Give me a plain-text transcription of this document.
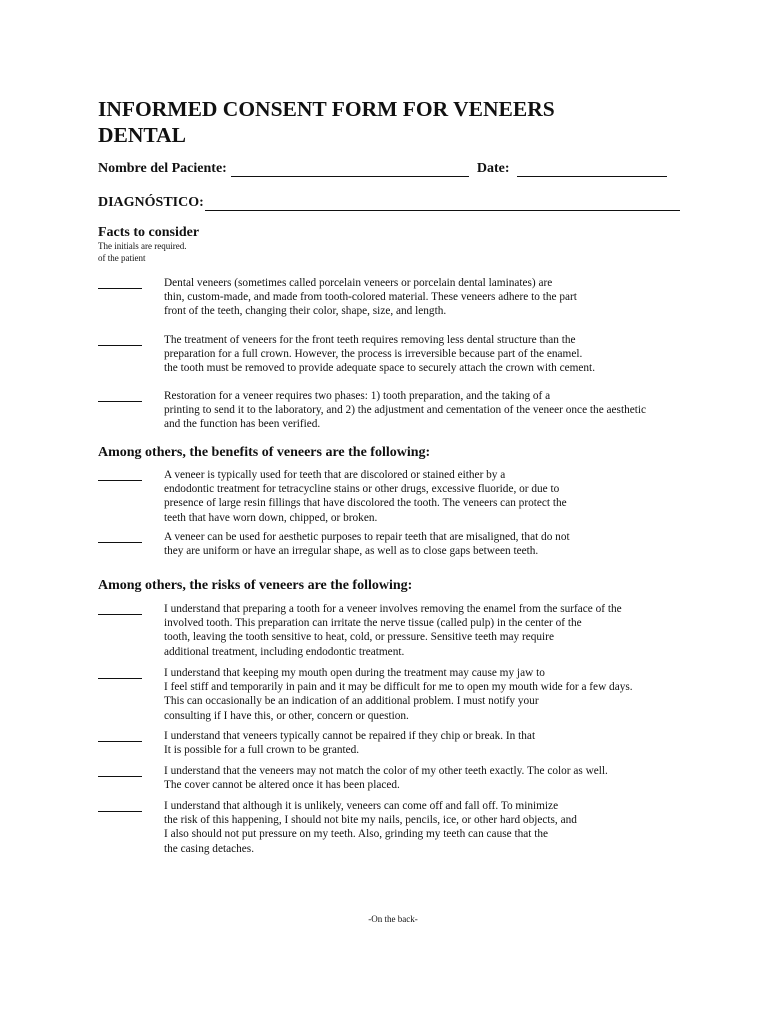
INFORMED CONSENT FORM FOR VENEERS
DENTAL
Nombre del Paciente:	Date:
DIAGNÓSTICO:
Facts to consider
The initials are required.
of the patient
Dental veneers (sometimes called porcelain veneers or porcelain dental laminates) are
thin, custom-made, and made from tooth-colored material. These veneers adhere to the part
front of the teeth, changing their color, shape, size, and length.
The treatment of veneers for the front teeth requires removing less dental structure than the
preparation for a full crown. However, the process is irreversible because part of the enamel.
the tooth must be removed to provide adequate space to securely attach the crown with cement.
Restoration for a veneer requires two phases: 1) tooth preparation, and the taking of a
printing to send it to the laboratory, and 2) the adjustment and cementation of the veneer once the aesthetic
and the function has been verified.
Among others, the benefits of veneers are the following:
A veneer is typically used for teeth that are discolored or stained either by a
endodontic treatment for tetracycline stains or other drugs, excessive fluoride, or due to
presence of large resin fillings that have discolored the tooth. The veneers can protect the
teeth that have worn down, chipped, or broken.
A veneer can be used for aesthetic purposes to repair teeth that are misaligned, that do not
they are uniform or have an irregular shape, as well as to close gaps between teeth.
Among others, the risks of veneers are the following:
I understand that preparing a tooth for a veneer involves removing the enamel from the surface of the
involved tooth. This preparation can irritate the nerve tissue (called pulp) in the center of the
tooth, leaving the tooth sensitive to heat, cold, or pressure. Sensitive teeth may require
additional treatment, including endodontic treatment.
I understand that keeping my mouth open during the treatment may cause my jaw to
I feel stiff and temporarily in pain and it may be difficult for me to open my mouth wide for a few days.
This can occasionally be an indication of an additional problem. I must notify your
consulting if I have this, or other, concern or question.
I understand that veneers typically cannot be repaired if they chip or break. In that
It is possible for a full crown to be granted.
I understand that the veneers may not match the color of my other teeth exactly. The color as well.
The cover cannot be altered once it has been placed.
I understand that although it is unlikely, veneers can come off and fall off. To minimize
the risk of this happening, I should not bite my nails, pencils, ice, or other hard objects, and
I also should not put pressure on my teeth. Also, grinding my teeth can cause that the
the casing detaches.
-On the back-
